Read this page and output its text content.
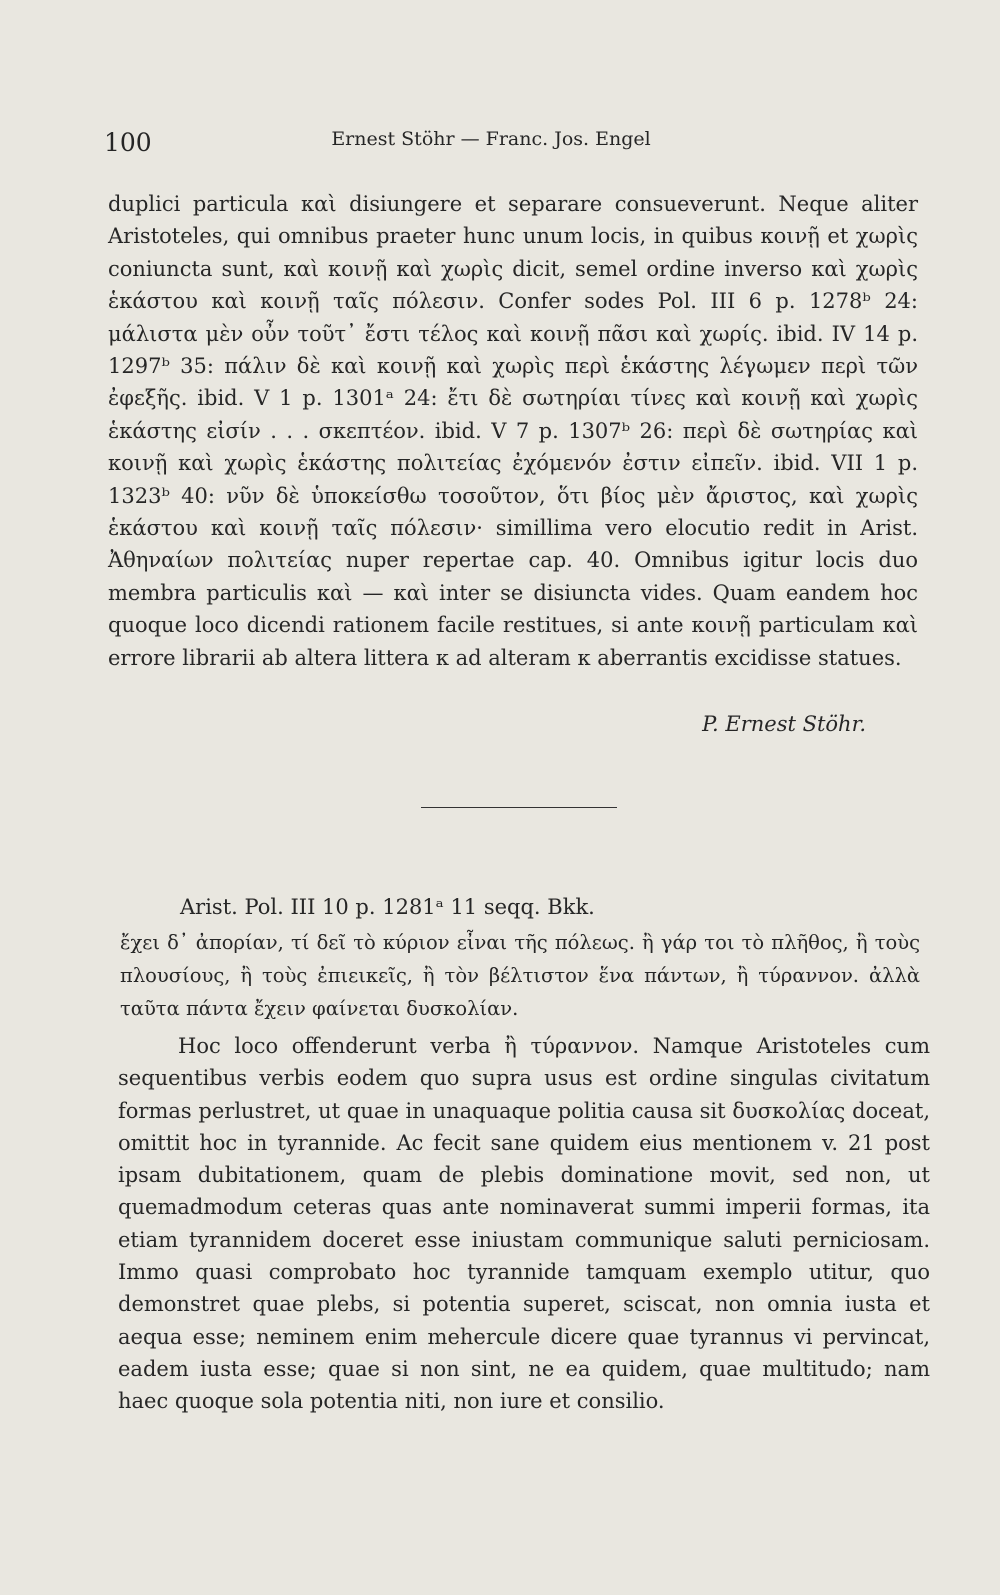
100	Ernest Stöhr — Franc. Jos. Engel
duplici particula καὶ disiungere et separare consueverunt. Neque aliter Aristoteles, qui omnibus praeter hunc unum locis, in quibus κοινῇ et χωρὶς coniuncta sunt, καὶ κοινῇ καὶ χωρὶς dicit, semel ordine inverso καὶ χωρὶς ἑκάστου καὶ κοινῇ ταῖς πόλεσιν. Confer sodes Pol. III 6 p. 1278ᵇ 24: μάλιστα μὲν οὖν τοῦτ᾽ ἔστι τέλος καὶ κοινῇ πᾶσι καὶ χωρίς. ibid. IV 14 p. 1297ᵇ 35: πάλιν δὲ καὶ κοινῇ καὶ χωρὶς περὶ ἑκάστης λέγωμεν περὶ τῶν ἐφεξῆς. ibid. V 1 p. 1301ᵃ 24: ἔτι δὲ σωτηρίαι τίνες καὶ κοινῇ καὶ χωρὶς ἑκάστης εἰσίν . . . σκεπτέον. ibid. V 7 p. 1307ᵇ 26: περὶ δὲ σωτηρίας καὶ κοινῇ καὶ χωρὶς ἑκάστης πολιτείας ἐχόμενόν ἐστιν εἰπεῖν. ibid. VII 1 p. 1323ᵇ 40: νῦν δὲ ὑποκείσθω τοσοῦτον, ὅτι βίος μὲν ἄριστος, καὶ χωρὶς ἑκάστου καὶ κοινῇ ταῖς πόλεσιν· simillima vero elocutio redit in Arist. Ἀθηναίων πολιτείας nuper repertae cap. 40. Omnibus igitur locis duo membra particulis καὶ — καὶ inter se disiuncta vides. Quam eandem hoc quoque loco dicendi rationem facile restitues, si ante κοινῇ particulam καὶ errore librarii ab altera littera κ ad alteram κ aberrantis excidisse statues.
P. Ernest Stöhr.
Arist. Pol. III 10 p. 1281ᵃ 11 seqq. Bkk.
ἔχει δ᾽ ἀπορίαν, τί δεῖ τὸ κύριον εἶναι τῆς πόλεως. ἢ γάρ τοι τὸ πλῆθος, ἢ τοὺς πλουσίους, ἢ τοὺς ἐπιεικεῖς, ἢ τὸν βέλτιστον ἕνα πάντων, ἢ τύραννον. ἀλλὰ ταῦτα πάντα ἔχειν φαίνεται δυσκολίαν.
Hoc loco offenderunt verba ἢ τύραννον. Namque Aristoteles cum sequentibus verbis eodem quo supra usus est ordine singulas civitatum formas perlustret, ut quae in unaquaque politia causa sit δυσκολίας doceat, omittit hoc in tyrannide. Ac fecit sane quidem eius mentionem v. 21 post ipsam dubitationem, quam de plebis dominatione movit, sed non, ut quemadmodum ceteras quas ante nominaverat summi imperii formas, ita etiam tyrannidem doceret esse iniustam communique saluti perniciosam. Immo quasi comprobato hoc tyrannide tamquam exemplo utitur, quo demonstret quae plebs, si potentia superet, sciscat, non omnia iusta et aequa esse; neminem enim mehercule dicere quae tyrannus vi pervincat, eadem iusta esse; quae si non sint, ne ea quidem, quae multitudo; nam haec quoque sola potentia niti, non iure et consilio.
